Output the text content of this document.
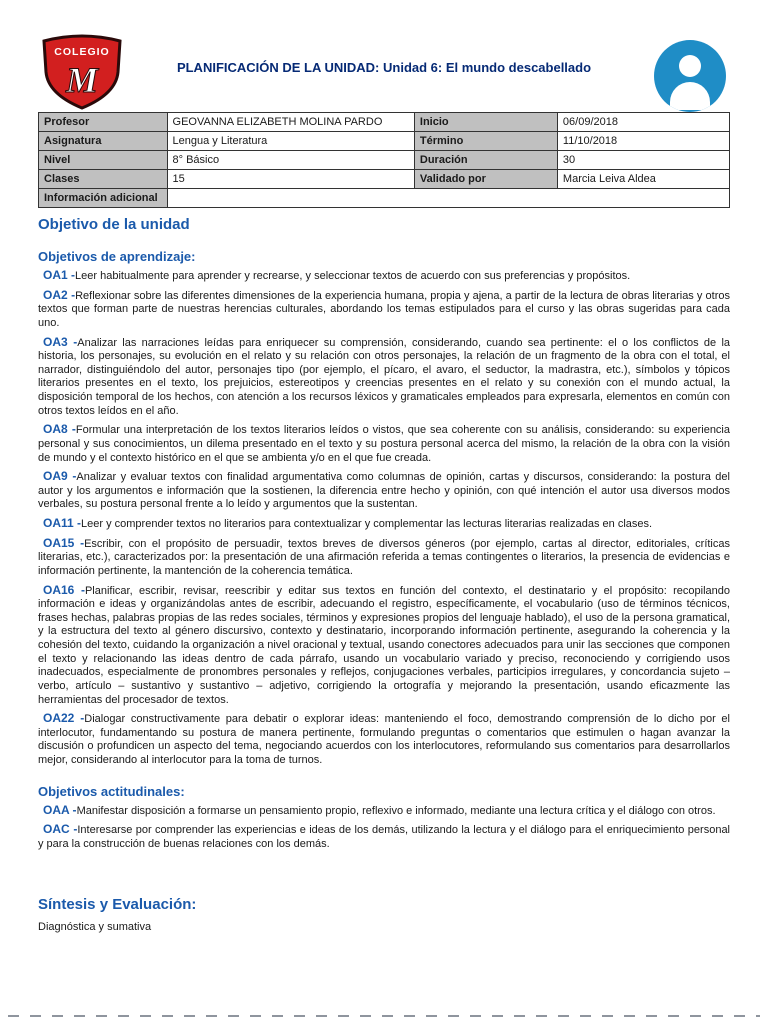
COLEGIO
M	PLANIFICACIÓN DE LA UNIDAD: Unidad 6: El mundo descabellado
Profesor	GEOVANNA ELIZABETH MOLINA PARDO	Inicio	06/09/2018
Asignatura	Lengua y Literatura	Término	11/10/2018
Nivel	8° Básico	Duración	30
Clases	15	Validado por	Marcia Leiva Aldea
Información adicional			
Objetivo de la unidad
Objetivos de aprendizaje:

OA1 -Leer habitualmente para aprender y recrearse, y seleccionar textos de acuerdo con sus preferencias y propósitos.

OA2 -Reflexionar sobre las diferentes dimensiones de la experiencia humana, propia y ajena, a partir de la lectura de obras literarias y otros textos que forman parte de nuestras herencias culturales, abordando los temas estipulados para el curso y las obras sugeridas para cada uno.

OA3 -Analizar las narraciones leídas para enriquecer su comprensión, considerando, cuando sea pertinente: el o los conflictos de la historia, los personajes, su evolución en el relato y su relación con otros personajes, la relación de un fragmento de la obra con el total, el narrador, distinguiéndolo del autor, personajes tipo (por ejemplo, el pícaro, el avaro, el seductor, la madrastra, etc.), símbolos y tópicos literarios presentes en el texto, los prejuicios, estereotipos y creencias presentes en el relato y su conexión con el mundo actual, la disposición temporal de los hechos, con atención a los recursos léxicos y gramaticales empleados para expresarla, elementos en común con otros textos leídos en el año.

OA8 -Formular una interpretación de los textos literarios leídos o vistos, que sea coherente con su análisis, considerando: su experiencia personal y sus conocimientos, un dilema presentado en el texto y su postura personal acerca del mismo, la relación de la obra con la visión de mundo y el contexto histórico en el que se ambienta y/o en el que fue creada.

OA9 -Analizar y evaluar textos con finalidad argumentativa como columnas de opinión, cartas y discursos, considerando: la postura del autor y los argumentos e información que la sostienen, la diferencia entre hecho y opinión, con qué intención el autor usa diversos modos verbales, su postura personal frente a lo leído y argumentos que la sustentan.

OA11 -Leer y comprender textos no literarios para contextualizar y complementar las lecturas literarias realizadas en clases.

OA15 -Escribir, con el propósito de persuadir, textos breves de diversos géneros (por ejemplo, cartas al director, editoriales, críticas literarias, etc.), caracterizados por: la presentación de una afirmación referida a temas contingentes o literarios, la presencia de evidencias e información pertinente, la mantención de la coherencia temática.

OA16 -Planificar, escribir, revisar, reescribir y editar sus textos en función del contexto, el destinatario y el propósito: recopilando información e ideas y organizándolas antes de escribir, adecuando el registro, específicamente, el vocabulario (uso de términos técnicos, frases hechas, palabras propias de las redes sociales, términos y expresiones propios del lenguaje hablado), el uso de la persona gramatical, y la estructura del texto al género discursivo, contexto y destinatario, incorporando información pertinente, asegurando la coherencia y la cohesión del texto, cuidando la organización a nivel oracional y textual, usando conectores adecuados para unir las secciones que componen el texto y relacionando las ideas dentro de cada párrafo, usando un vocabulario variado y preciso, reconociendo y corrigiendo usos inadecuados, especialmente de pronombres personales y reflejos, conjugaciones verbales, participios irregulares, y concordancia sujeto – verbo, artículo – sustantivo y sustantivo – adjetivo, corrigiendo la ortografía y mejorando la presentación, usando eficazmente las herramientas del procesador de textos.

OA22 -Dialogar constructivamente para debatir o explorar ideas: manteniendo el foco, demostrando comprensión de lo dicho por el interlocutor, fundamentando su postura de manera pertinente, formulando preguntas o comentarios que estimulen o hagan avanzar la discusión o profundicen un aspecto del tema, negociando acuerdos con los interlocutores, reformulando sus comentarios para desarrollarlos mejor, considerando al interlocutor para la toma de turnos.

Objetivos actitudinales:

OAA -Manifestar disposición a formarse un pensamiento propio, reflexivo e informado, mediante una lectura crítica y el diálogo con otros.

OAC -Interesarse por comprender las experiencias e ideas de los demás, utilizando la lectura y el diálogo para el enriquecimiento personal y para la construcción de buenas relaciones con los demás.

Síntesis y Evaluación:

Diagnóstica y sumativa
